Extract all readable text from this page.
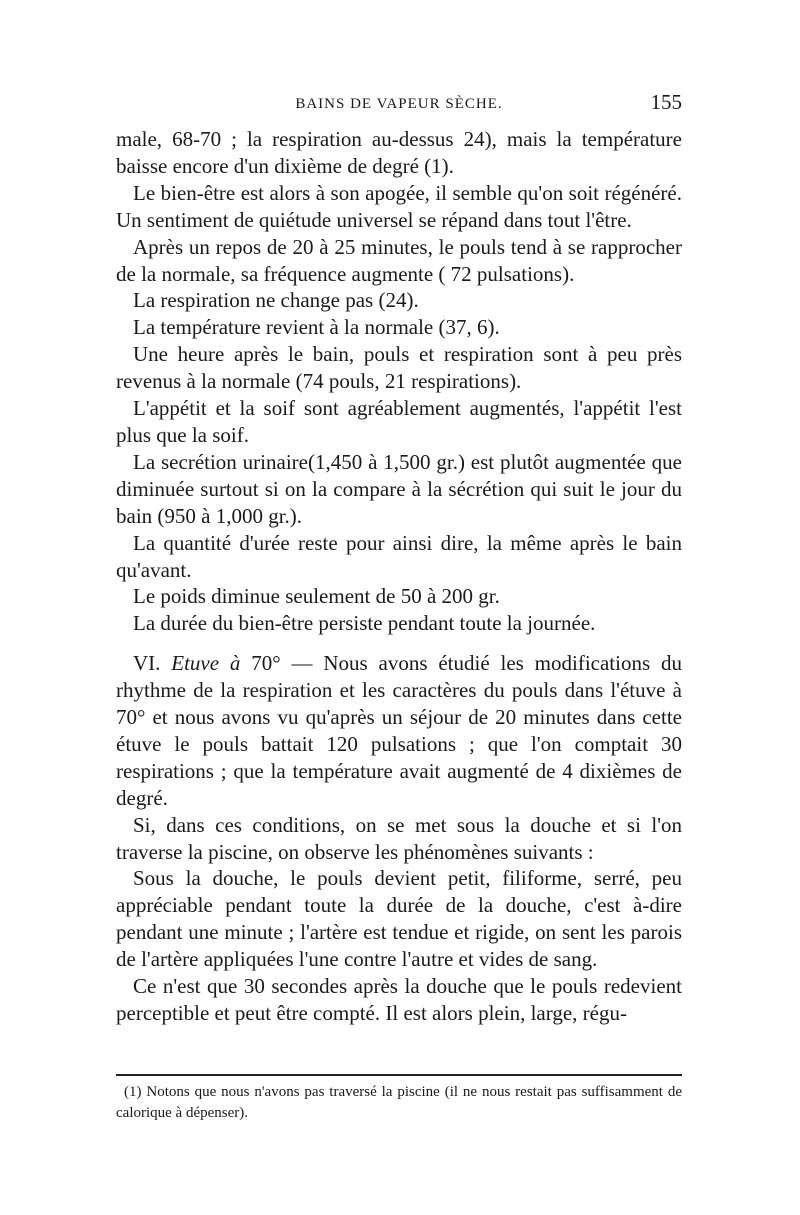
BAINS DE VAPEUR SÈCHE.	155

male, 68-70 ; la respiration au-dessus 24), mais la température baisse encore d'un dixième de degré (1).

Le bien-être est alors à son apogée, il semble qu'on soit régénéré. Un sentiment de quiétude universel se répand dans tout l'être.

Après un repos de 20 à 25 minutes, le pouls tend à se rapprocher de la normale, sa fréquence augmente ( 72 pulsations).

La respiration ne change pas (24).

La température revient à la normale (37, 6).

Une heure après le bain, pouls et respiration sont à peu près revenus à la normale (74 pouls, 21 respirations).

L'appétit et la soif sont agréablement augmentés, l'appétit l'est plus que la soif.

La secrétion urinaire(1,450 à 1,500 gr.) est plutôt augmentée que diminuée surtout si on la compare à la sécrétion qui suit le jour du bain (950 à 1,000 gr.).

La quantité d'urée reste pour ainsi dire, la même après le bain qu'avant.

Le poids diminue seulement de 50 à 200 gr.

La durée du bien-être persiste pendant toute la journée.

VI. Etuve à 70° — Nous avons étudié les modifications du rhythme de la respiration et les caractères du pouls dans l'étuve à 70° et nous avons vu qu'après un séjour de 20 minutes dans cette étuve le pouls battait 120 pulsations ; que l'on comptait 30 respirations ; que la température avait augmenté de 4 dixièmes de degré.

Si, dans ces conditions, on se met sous la douche et si l'on traverse la piscine, on observe les phénomènes suivants :

Sous la douche, le pouls devient petit, filiforme, serré, peu appréciable pendant toute la durée de la douche, c'est à-dire pendant une minute ; l'artère est tendue et rigide, on sent les parois de l'artère appliquées l'une contre l'autre et vides de sang.

Ce n'est que 30 secondes après la douche que le pouls redevient perceptible et peut être compté. Il est alors plein, large, régu-

(1) Notons que nous n'avons pas traversé la piscine (il ne nous restait pas suffisamment de calorique à dépenser).
